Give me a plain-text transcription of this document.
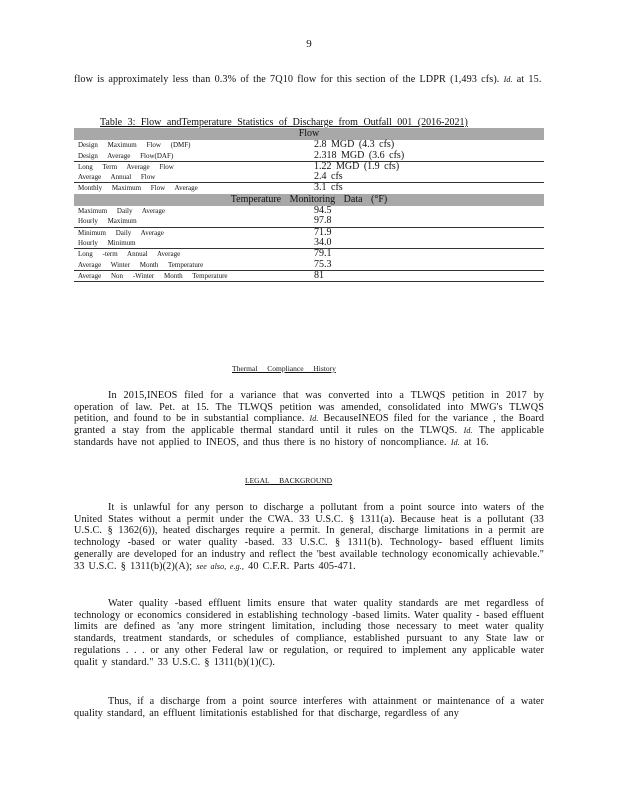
9
flow is approximately less than 0.3% of the 7Q10 flow for this section of the LDPR (1,493 cfs). Id. at 15.
Table 3: Flow andTemperature Statistics of Discharge from Outfall 001 (2016-2021)
Flow	
Design Maximum Flow (DMF)	2.8 MGD (4.3 cfs)
Design Average Flow(DAF)	2.318 MGD (3.6 cfs)
Long Term Average Flow	1.22 MGD (1.9 cfs)
Average Annual Flow	2.4 cfs
Monthly Maximum Flow Average	3.1 cfs
Temperature Monitoring Data (°F)	
Maximum Daily Average	94.5
Hourly Maximum	97.8
Minimum Daily Average	71.9
Hourly Minimum	34.0
Long -term Annual Average	79.1
Average Winter Month Temperature	75.3
Average Non -Winter Month Temperature	81
Thermal Compliance History
In 2015,INEOS filed for a variance that was converted into a TLWQS petition in 2017 by operation of law. Pet. at 15. The TLWQS petition was amended, consolidated into MWG's TLWQS petition, and found to be in substantial compliance. Id. BecauseINEOS filed for the variance , the Board granted a stay from the applicable thermal standard until it rules on the TLWQS. Id. The applicable standards have not applied to INEOS, and thus there is no history of noncompliance. Id. at 16.
LEGAL BACKGROUND
It is unlawful for any person to discharge a pollutant from a point source into waters of the United States without a permit under the CWA. 33 U.S.C. § 1311(a). Because heat is a pollutant (33 U.S.C. § 1362(6)), heated discharges require a permit. In general, discharge limitations in a permit are technology -based or water quality -based. 33 U.S.C. § 1311(b). Technology- based effluent limits generally are developed for an industry and reflect the 'best available technology economically achievable." 33 U.S.C. § 1311(b)(2)(A); see also, e.g., 40 C.F.R. Parts 405-471.
Water quality -based effluent limits ensure that water quality standards are met regardless of technology or economics considered in establishing technology -based limits. Water quality - based effluent limits are defined as 'any more stringent limitation, including those necessary to meet water quality standards, treatment standards, or schedules of compliance, established pursuant to any State law or regulations . . . or any other Federal law or regulation, or required to implement any applicable water qualit y standard." 33 U.S.C. § 1311(b)(1)(C).
Thus, if a discharge from a point source interferes with attainment or maintenance of a water quality standard, an effluent limitationis established for that discharge, regardless of any
